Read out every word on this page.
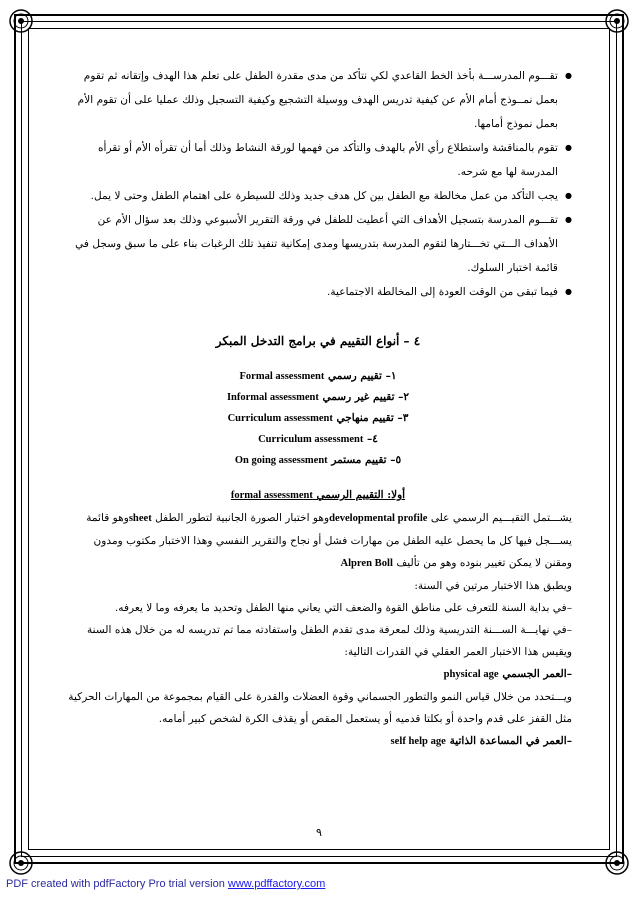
● تقـــوم المدرســـة بأخذ الخط القاعدي لكي نتأكد من مدى مقدرة الطفل على تعلم هذا الهدف وإتقانه ثم تقوم بعمل نمــوذج أمام الأم عن كيفية تدريس الهدف ووسيلة التشجيع وكيفية التسجيل وذلك عمليا على أن تقوم الأم بعمل نموذج أمامها.
● تقوم بالمناقشة واستطلاع رأي الأم بالهدف والتأكد من فهمها لورقة النشاط وذلك أما أن تقرأه الأم أو تقرأه المدرسة لها مع شرحه.
● يجب التأكد من عمل مخالطة مع الطفل بين كل هدف جديد وذلك للسيطرة على اهتمام الطفل وحتى لا يمل.
● تقـــوم المدرسة بتسجيل الأهداف التي أعطيت للطفل في ورقة التقرير الأسبوعي وذلك بعد سؤال الأم عن الأهداف الـــتي تخـــتارها لتقوم المدرسة بتدريسها ومدى إمكانية تنفيذ تلك الرغبات بناء على ما سبق وسجل في قائمة اختبار السلوك.
● فيما تبقى من الوقت العودة إلى المخالطة الاجتماعية.
٤ – أنواع التقييم في برامج التدخل المبكر
١– تقييم رسمي Formal assessment
٢– تقييم غير رسمي Informal assessment
٣– تقييم منهاجي Curriculum assessment
٤– Curriculum assessment
٥– تقييم مستمر On going assessment
أولا: التقييم الرسمي formal assessment

يشـــتمل التقيـــيم الرسمي على developmental profileوهو اختبار الصورة الجانبية لتطور الطفل sheetوهو قائمة يســـجل فيها كل ما يحصل عليه الطفل من مهارات فشل أو نجاح والتقرير النفسي وهذا الاختبار مكتوب ومدون ومقنن لا يمكن تغيير بنوده وهو من تأليف Alpren Boll

ويطبق هذا الاختبار مرتين في السنة:

–في بداية السنة للتعرف على مناطق القوة والضعف التي يعاني منها الطفل وتحديد ما يعرفه وما لا يعرفه.

–في نهايـــة الســـنة التدريسية وذلك لمعرفة مدى تقدم الطفل واستفادته مما تم تدريسه له من خلال هذه السنة ويقيس هذا الاختبار العمر العقلي في القدرات التالية:

–العمر الجسمي physical age

ويـــتحدد من خلال قياس النمو والتطور الجسماني وقوة العضلات والقدرة على القيام بمجموعة من المهارات الحركية مثل القفز على قدم واحدة أو بكلتا قدميه أو يستعمل المقص أو يقذف الكرة لشخص كبير أمامه.

–العمر في المساعدة الذاتية self help age

٩
PDF created with pdfFactory Pro trial version www.pdffactory.com
